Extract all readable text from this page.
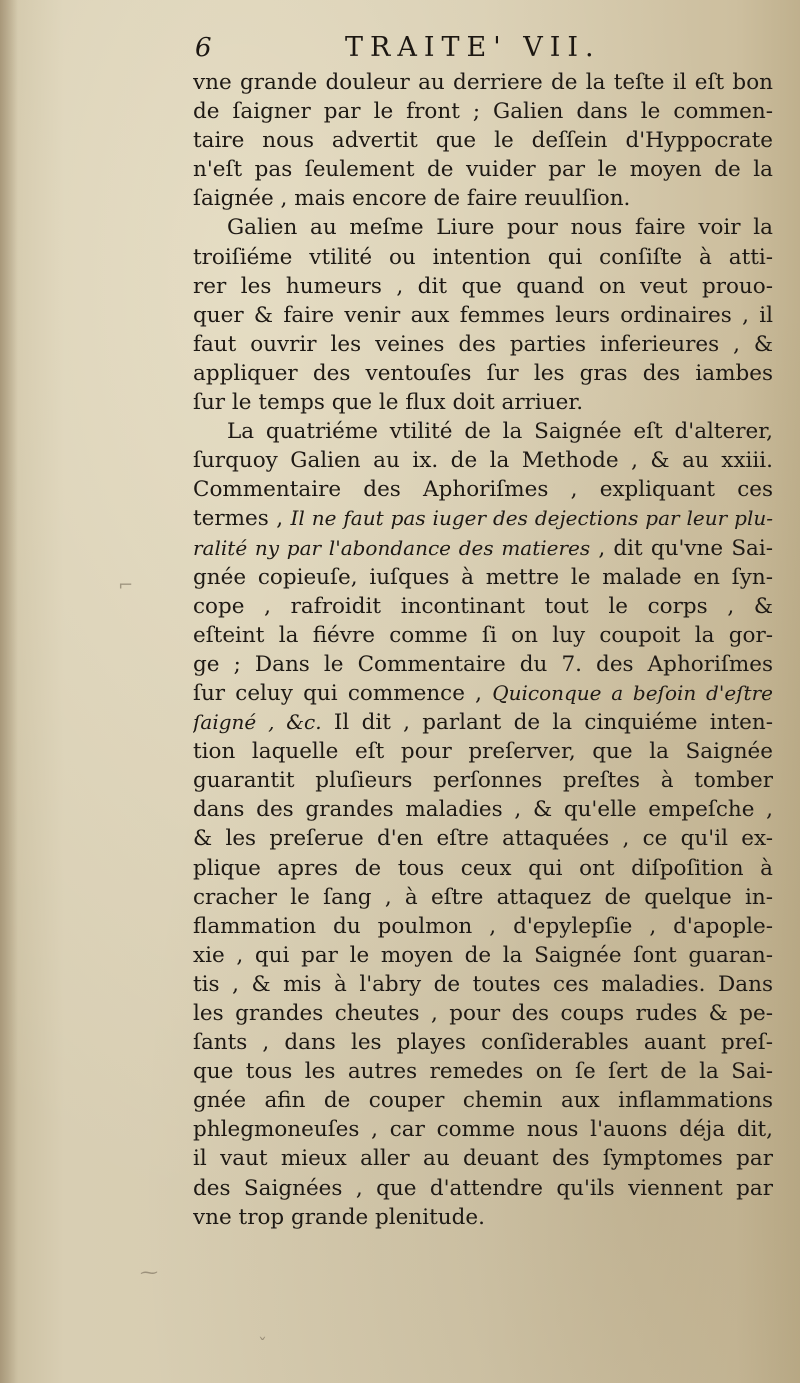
6	TRAITE' VII.
vne grande douleur au derriere de la teſte il eſt bon
de ſaigner par le front ; Galien dans le commen-
taire nous advertit que le deſſein d'Hyppocrate
n'eſt pas ſeulement de vuider par le moyen de la
ſaignée , mais encore de faire reuulſion.
Galien au meſme Liure pour nous faire voir la
troiſiéme vtilité ou intention qui conſiſte à atti-
rer les humeurs , dit que quand on veut prouo-
quer & faire venir aux femmes leurs ordinaires , il
faut ouvrir les veines des parties inferieures , &
appliquer des ventouſes ſur les gras des iambes
ſur le temps que le flux doit arriuer.
La quatriéme vtilité de la Saignée eſt d'alterer,
ſurquoy Galien au ix. de la Methode , & au xxiii.
Commentaire des Aphoriſmes , expliquant ces
termes , Il ne faut pas iuger des dejections par leur plu-
ralité ny par l'abondance des matieres , dit qu'vne Sai-
gnée copieuſe, iuſques à mettre le malade en ſyn-
cope , rafroidit incontinant tout le corps , &
eſteint la fiévre comme ſi on luy coupoit la gor-
ge ; Dans le Commentaire du 7. des Aphoriſmes
ſur celuy qui commence , Quiconque a beſoin d'eſtre
ſaigné , &c. Il dit , parlant de la cinquiéme inten-
tion laquelle eſt pour preſerver, que la Saignée
guarantit pluſieurs perſonnes preſtes à tomber
dans des grandes maladies , & qu'elle empeſche ,
& les preſerue d'en eſtre attaquées , ce qu'il ex-
plique apres de tous ceux qui ont diſpoſition à
cracher le ſang , à eſtre attaquez de quelque in-
flammation du poulmon , d'epylepſie , d'apople-
xie , qui par le moyen de la Saignée ſont guaran-
tis , & mis à l'abry de toutes ces maladies. Dans
les grandes cheutes , pour des coups rudes & pe-
ſants , dans les playes conſiderables auant preſ-
que tous les autres remedes on ſe ſert de la Sai-
gnée afin de couper chemin aux inflammations
phlegmoneuſes , car comme nous l'auons déja dit,
il vaut mieux aller au deuant des ſymptomes par
des Saignées , que d'attendre qu'ils viennent par
vne trop grande plenitude.
⌐
⁓
ˇ
